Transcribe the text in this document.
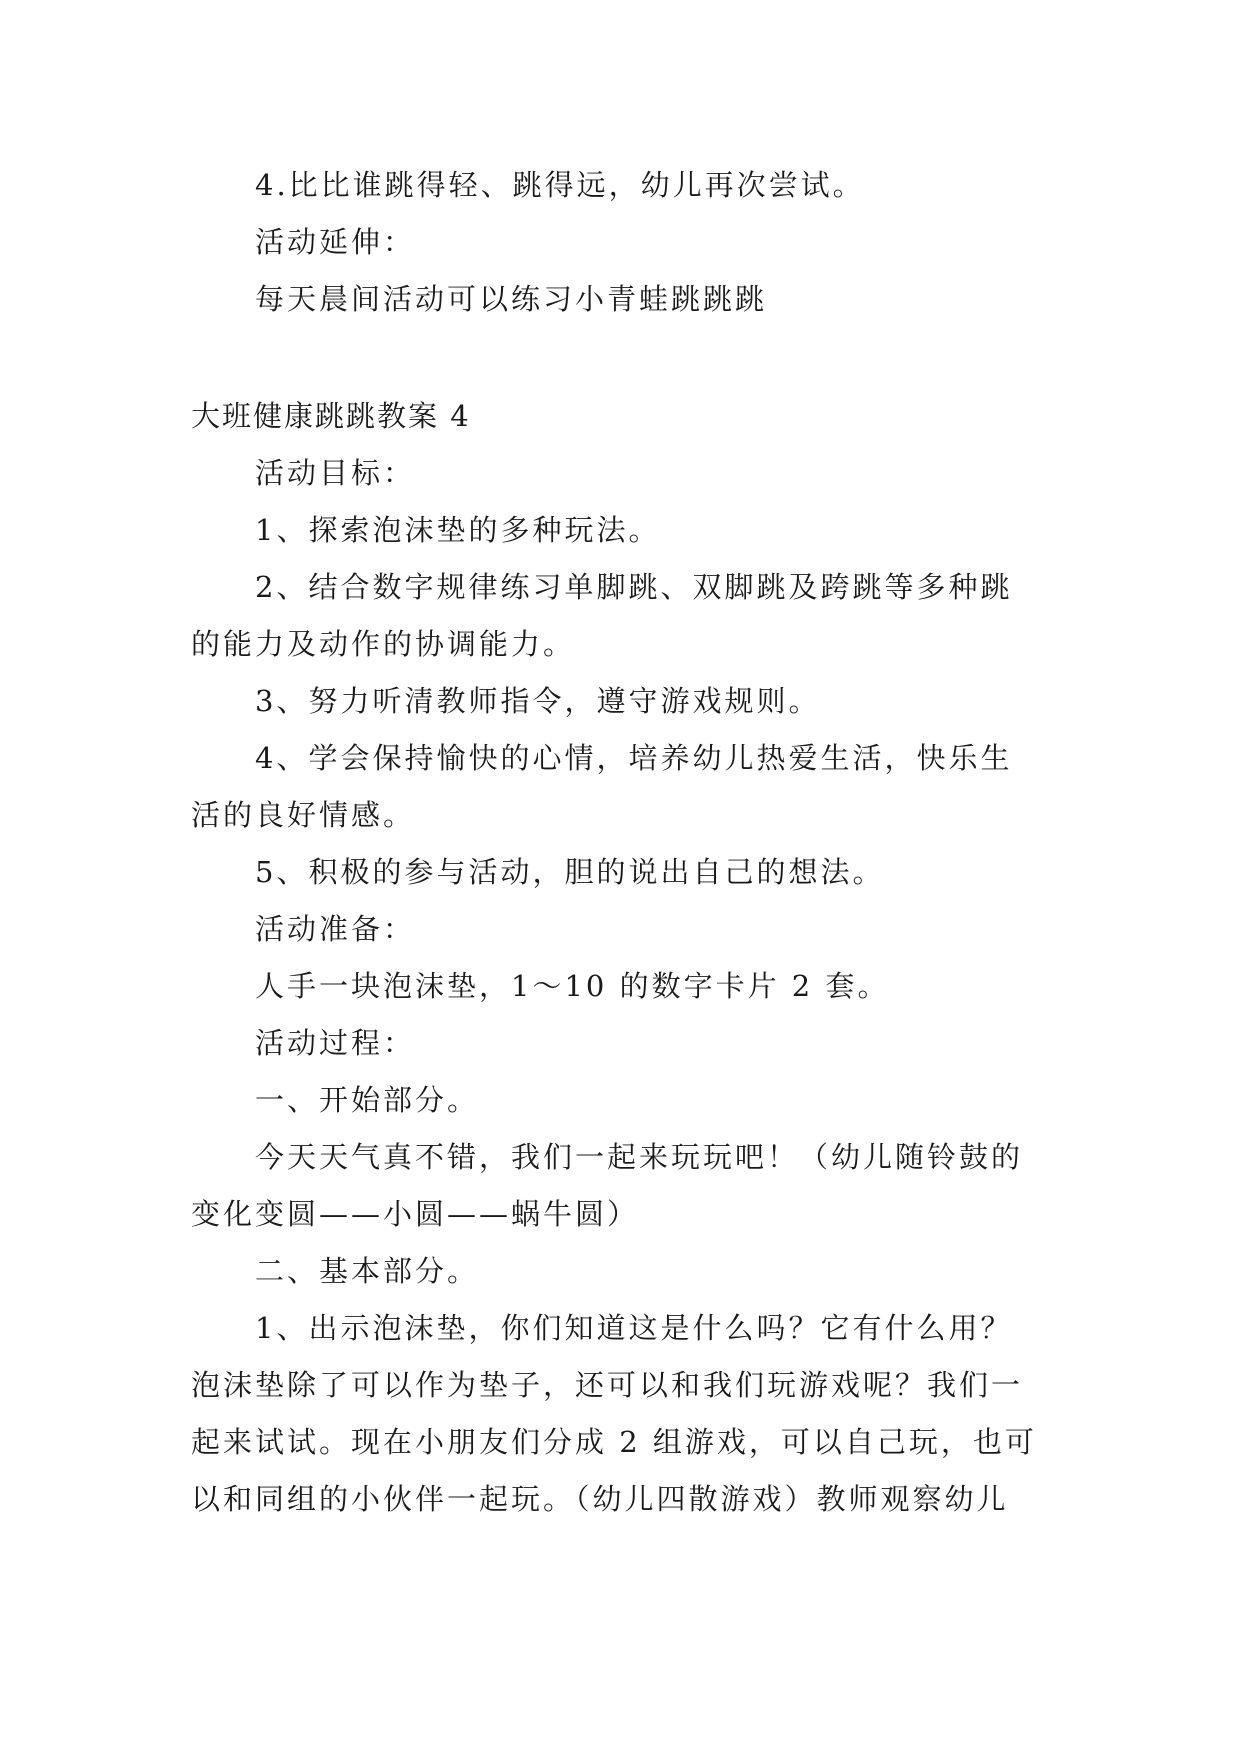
4.比比谁跳得轻、跳得远，幼儿再次尝试。
活动延伸：
每天晨间活动可以练习小青蛙跳跳跳
大班健康跳跳教案 4
活动目标：
1、探索泡沫垫的多种玩法。
2、结合数字规律练习单脚跳、双脚跳及跨跳等多种跳
的能力及动作的协调能力。
3、努力听清教师指令，遵守游戏规则。
4、学会保持愉快的心情，培养幼儿热爱生活，快乐生
活的良好情感。
5、积极的参与活动，胆的说出自己的想法。
活动准备：
人手一块泡沫垫，1～10 的数字卡片 2 套。
活动过程：
一、开始部分。
今天天气真不错，我们一起来玩玩吧！（幼儿随铃鼓的
变化变圆——小圆——蜗牛圆）
二、基本部分。
1、出示泡沫垫，你们知道这是什么吗？它有什么用？
泡沫垫除了可以作为垫子，还可以和我们玩游戏呢？我们一
起来试试。现在小朋友们分成 2 组游戏，可以自己玩，也可
以和同组的小伙伴一起玩。（幼儿四散游戏）教师观察幼儿
